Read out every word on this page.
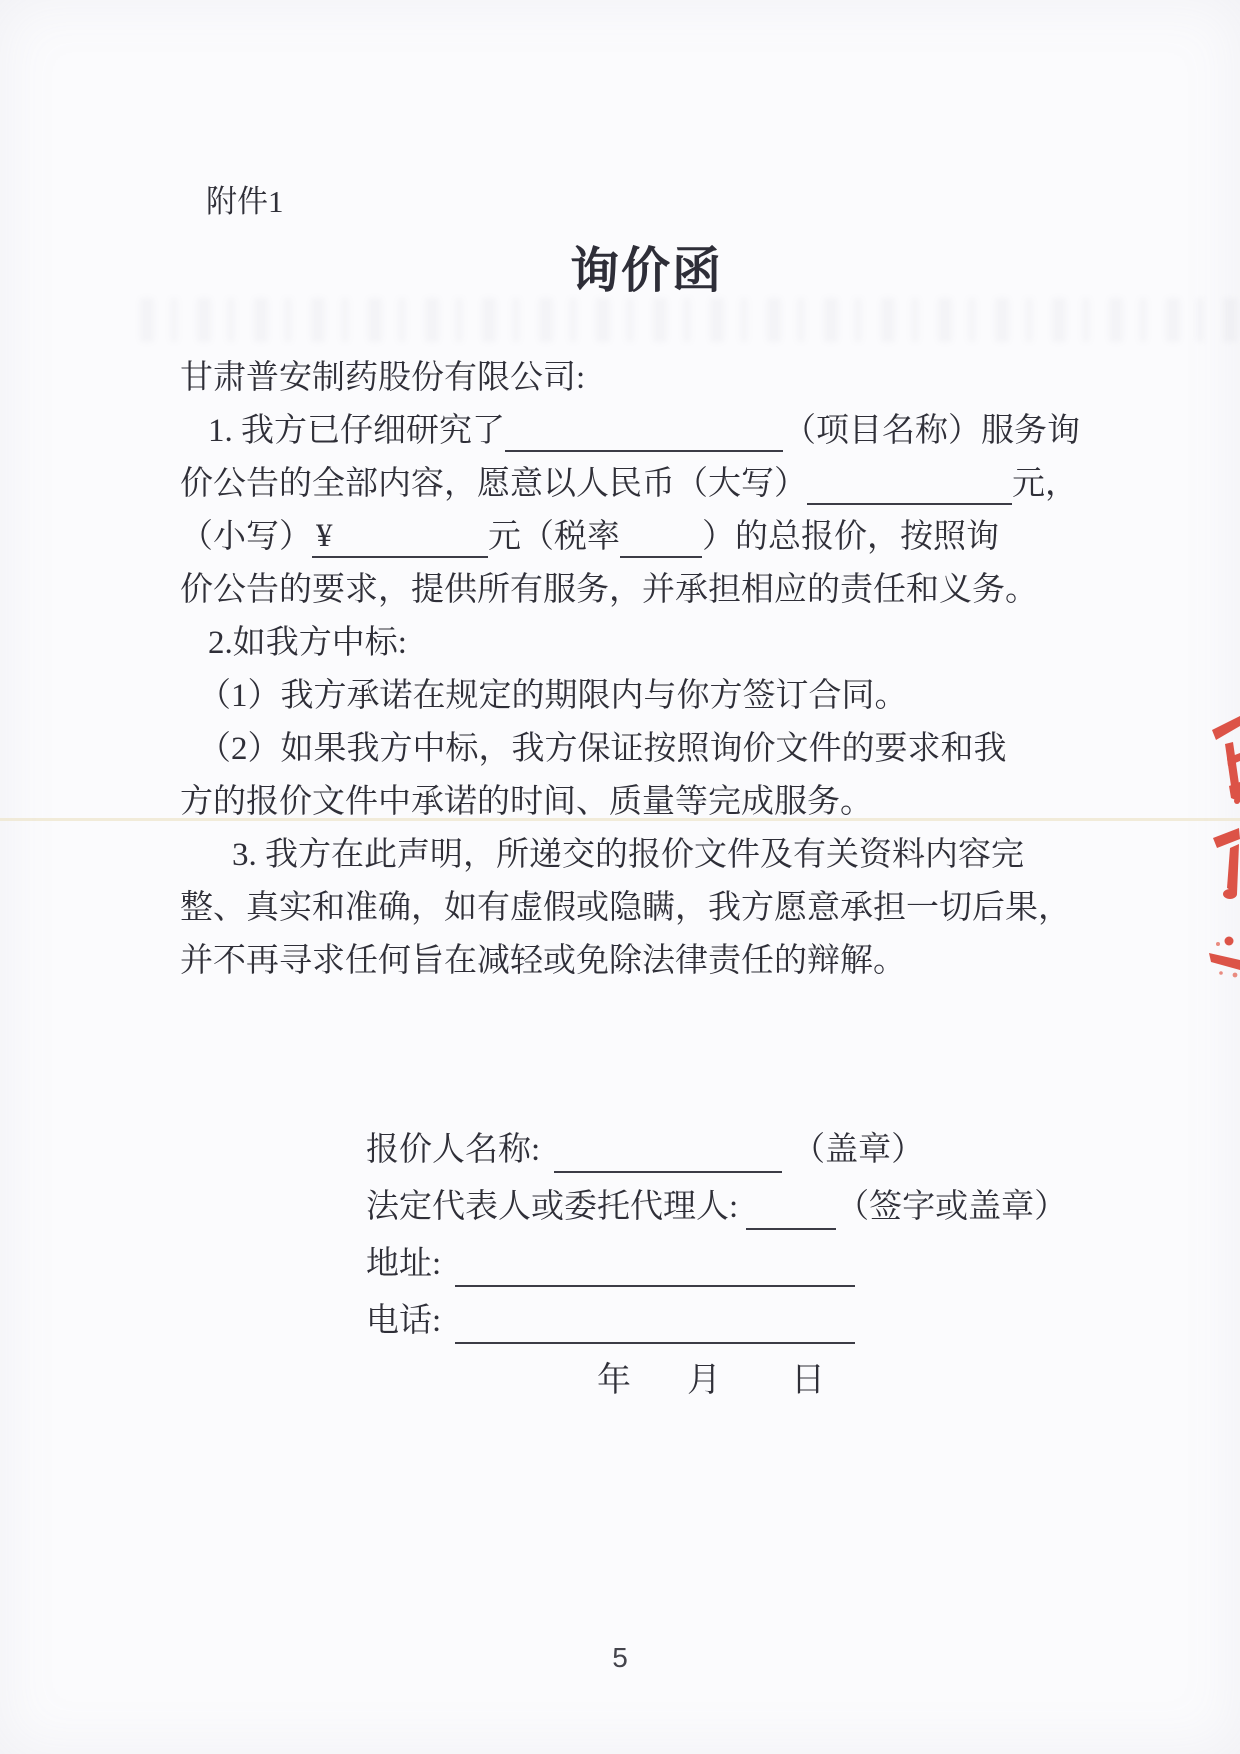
附件1
询价函
甘肃普安制药股份有限公司:
1. 我方已仔细研究了	（项目名称）服务询
价公告的全部内容，愿意以人民币（大写）	元，
（小写） ¥	元（税率 ）的总报价，按照询
价公告的要求，提供所有服务，并承担相应的责任和义务。
2.如我方中标:
（1）我方承诺在规定的期限内与你方签订合同。
（2）如果我方中标，我方保证按照询价文件的要求和我
方的报价文件中承诺的时间、质量等完成服务。
3. 我方在此声明，所递交的报价文件及有关资料内容完
整、真实和准确，如有虚假或隐瞒，我方愿意承担一切后果，
并不再寻求任何旨在减轻或免除法律责任的辩解。
报价人名称:	（盖章）
法定代表人或委托代理人:	（签字或盖章）
地址:
电话:
年 月 日
5
